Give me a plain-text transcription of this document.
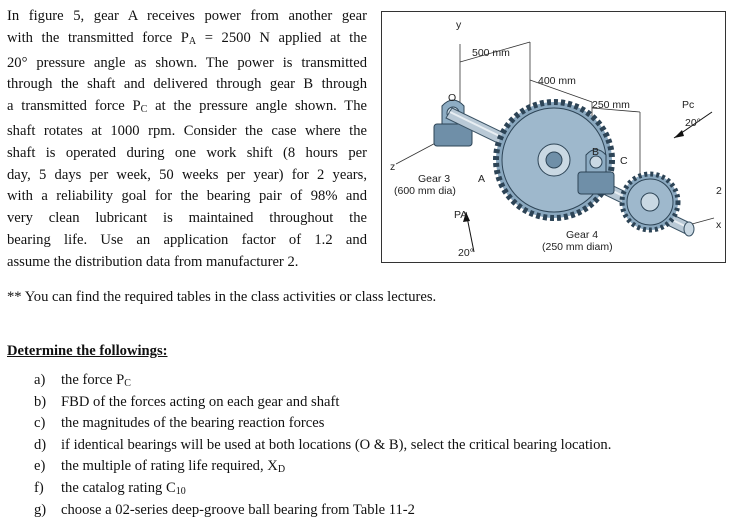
In figure 5, gear A receives power from another gear
with the transmitted force $P_A = 2500$ N applied at the
20° pressure angle as shown. The power is transmitted
through the shaft and delivered through gear B through
a transmitted force $P_C$ at the pressure angle shown. The
shaft rotates at 1000 rpm. Consider the case where the
shaft is operated during one work shift (8 hours per
day, 5 days per week, 50 weeks per year) for 2 years,
with a reliability goal for the bearing pair of 98% and
very clean lubricant is maintained throughout the
bearing life. Use an application factor of 1.2 and
assume the distribution data from manufacturer 2.
y
500 mm
400 mm
250 mm	Pc
20°
O
B
C
A
z
x
2
Gear 3
(600 mm dia)
PA
20°
Gear 4
(250 mm diam)
** You can find the required tables in the class activities or class lectures.
Determine the followings:
a) the force $P_C$
b) FBD of the forces acting on each gear and shaft
c) the magnitudes of the bearing reaction forces
d) if identical bearings will be used at both locations (O & B), select the critical bearing location.
e) the multiple of rating life required, $X_D$
f) the catalog rating $C_{10}$
g) choose a 02-series deep-groove ball bearing from Table 11-2
